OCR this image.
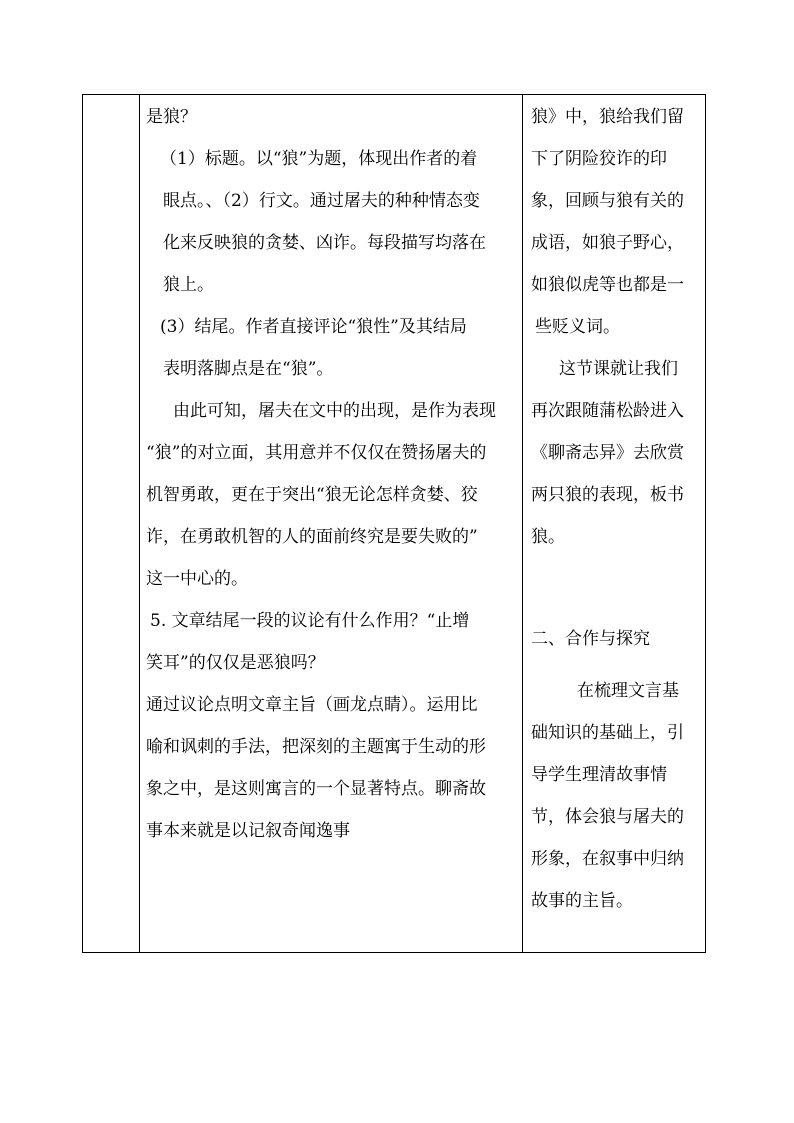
是狼？
（1）标题。以“狼”为题，体现出作者的着
眼点。、（2）行文。通过屠夫的种种情态变
化来反映狼的贪婪、凶诈。每段描写均落在
狼上。
(3）结尾。作者直接评论“狼性”及其结局
表明落脚点是在“狼”。
由此可知，屠夫在文中的出现，是作为表现
“狼”的对立面，其用意并不仅仅在赞扬屠夫的
机智勇敢，更在于突出“狼无论怎样贪婪、狡
诈，在勇敢机智的人的面前终究是要失败的”
这一中心的。
5. 文章结尾一段的议论有什么作用？“止增
笑耳”的仅仅是恶狼吗？
通过议论点明文章主旨（画龙点睛）。运用比
喻和讽刺的手法，把深刻的主题寓于生动的形
象之中，是这则寓言的一个显著特点。聊斋故
事本来就是以记叙奇闻逸事
狼》中，狼给我们留
下了阴险狡诈的印
象，回顾与狼有关的
成语，如狼子野心，
如狼似虎等也都是一
些贬义词。
这节课就让我们
再次跟随蒲松龄进入
《聊斋志异》去欣赏
两只狼的表现，板书
狼。
二、合作与探究
在梳理文言基
础知识的基础上，引
导学生理清故事情
节，体会狼与屠夫的
形象，在叙事中归纳
故事的主旨。
